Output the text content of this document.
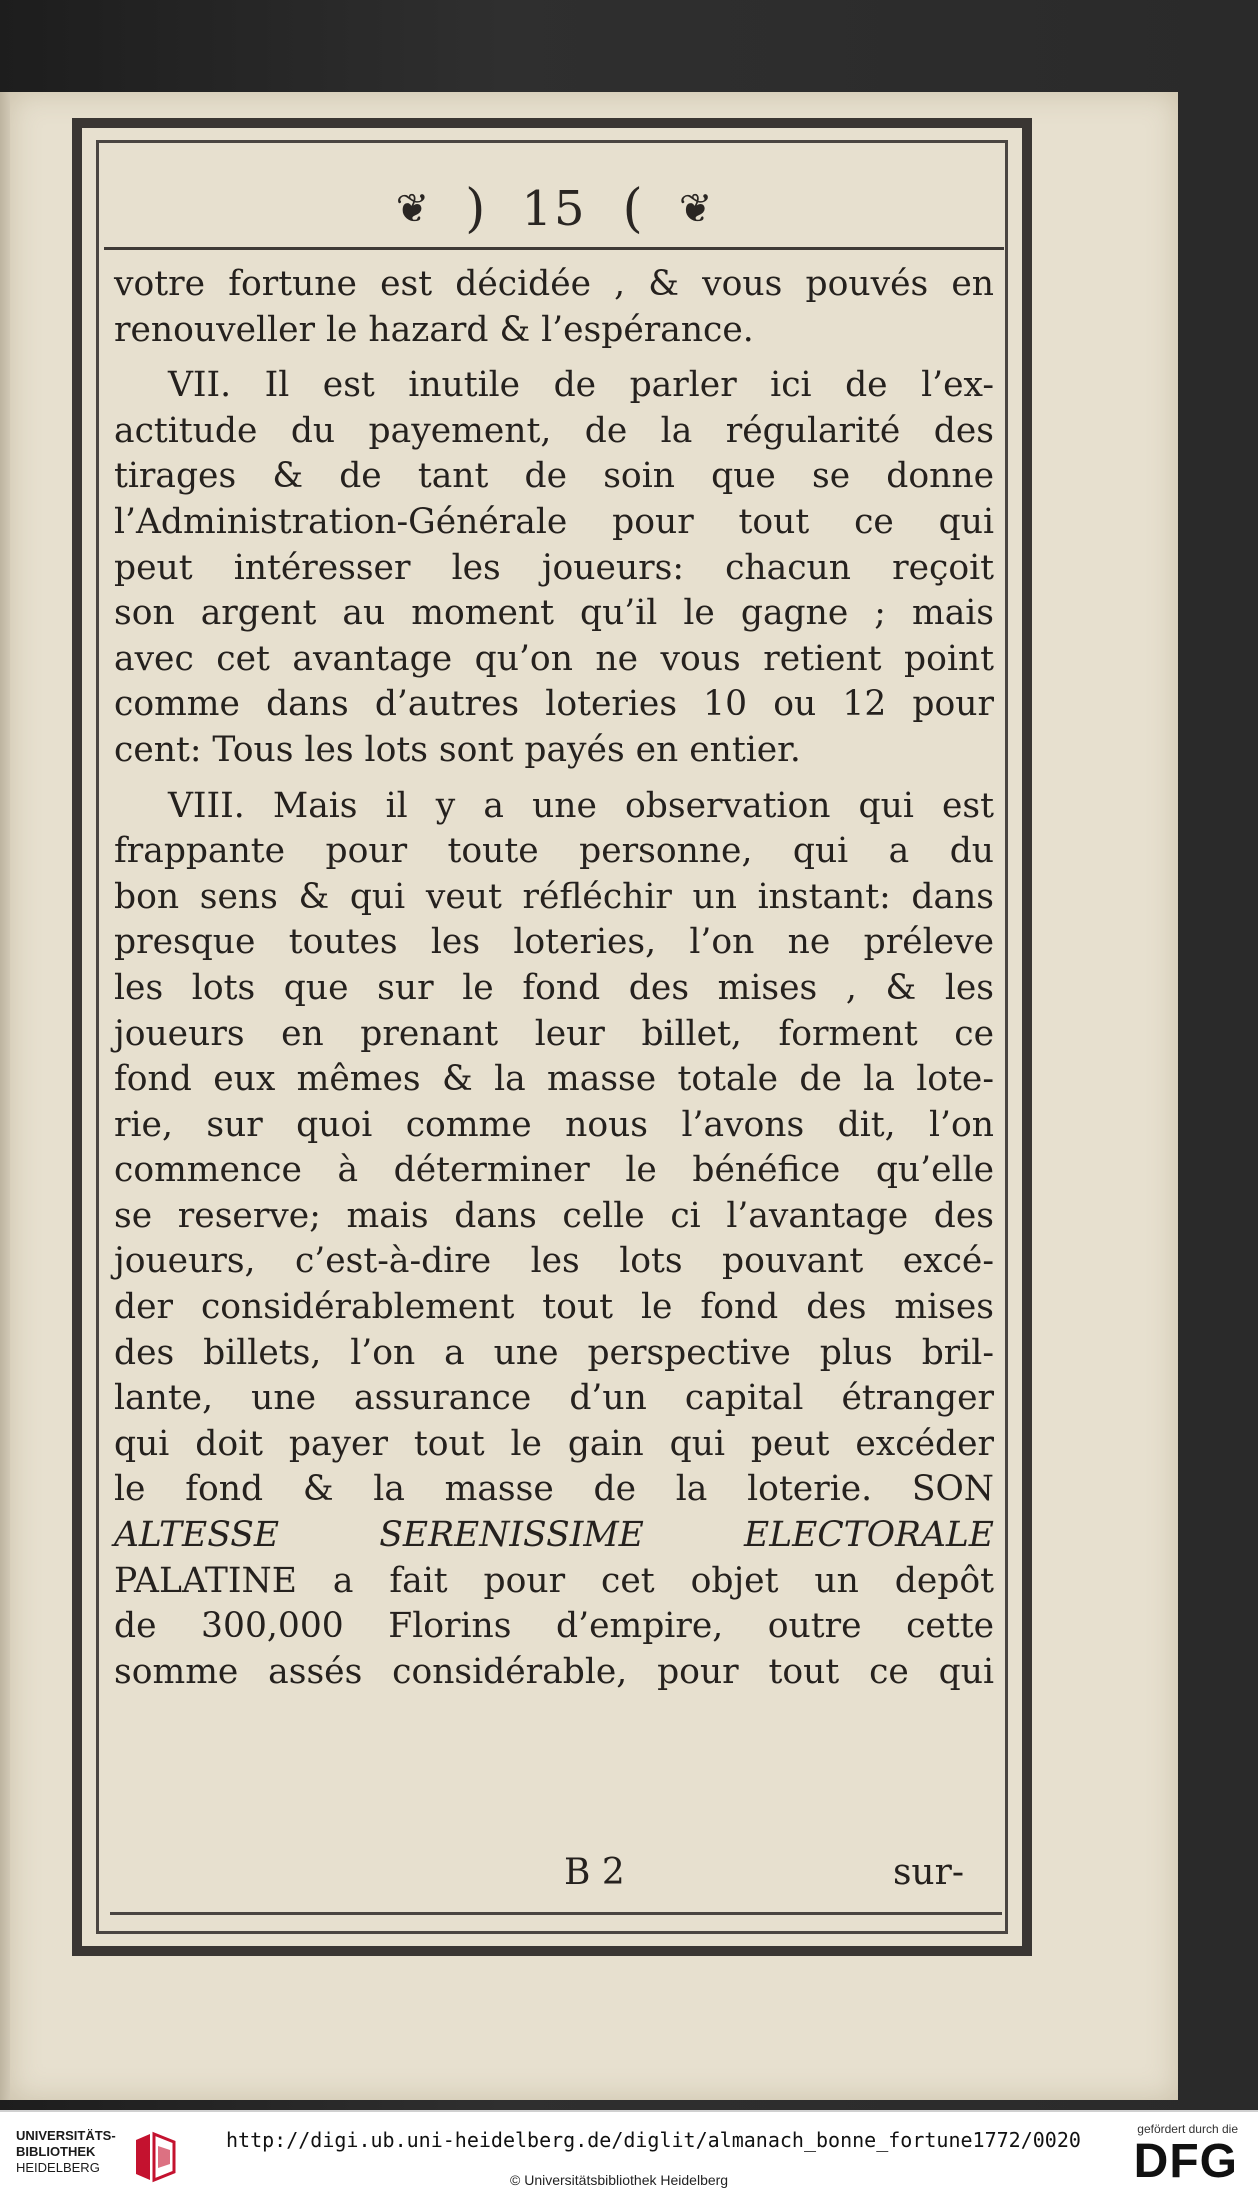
❦ ) 15 ( ❦
votre fortune est décidée , & vous pouvés en
renouveller le hazard & l’espérance.
VII. Il est inutile de parler ici de l’ex-
actitude du payement, de la régularité des
tirages & de tant de soin que se donne
l’Administration-Générale pour tout ce qui
peut intéresser les joueurs: chacun reçoit
son argent au moment qu’il le gagne ; mais
avec cet avantage qu’on ne vous retient point
comme dans d’autres loteries 10 ou 12 pour
cent: Tous les lots sont payés en entier.
VIII. Mais il y a une observation qui est
frappante pour toute personne, qui a du
bon sens & qui veut réfléchir un instant: dans
presque toutes les loteries, l’on ne préleve
les lots que sur le fond des mises , & les
joueurs en prenant leur billet, forment ce
fond eux mêmes & la masse totale de la lote-
rie, sur quoi comme nous l’avons dit, l’on
commence à déterminer le bénéfice qu’elle
se reserve; mais dans celle ci l’avantage des
joueurs, c’est-à-dire les lots pouvant excé-
der considérablement tout le fond des mises
des billets, l’on a une perspective plus bril-
lante, une assurance d’un capital étranger
qui doit payer tout le gain qui peut excéder
le fond & la masse de la loterie. SON
ALTESSE SERENISSIME ELECTORALE
PALATINE a fait pour cet objet un depôt
de 300,000 Florins d’empire, outre cette
somme assés considérable, pour tout ce qui
B 2	sur-
UNIVERSITÄTS-
BIBLIOTHEK
HEIDELBERG
http://digi.ub.uni-heidelberg.de/diglit/almanach_bonne_fortune1772/0020
© Universitätsbibliothek Heidelberg
gefördert durch die
DFG
